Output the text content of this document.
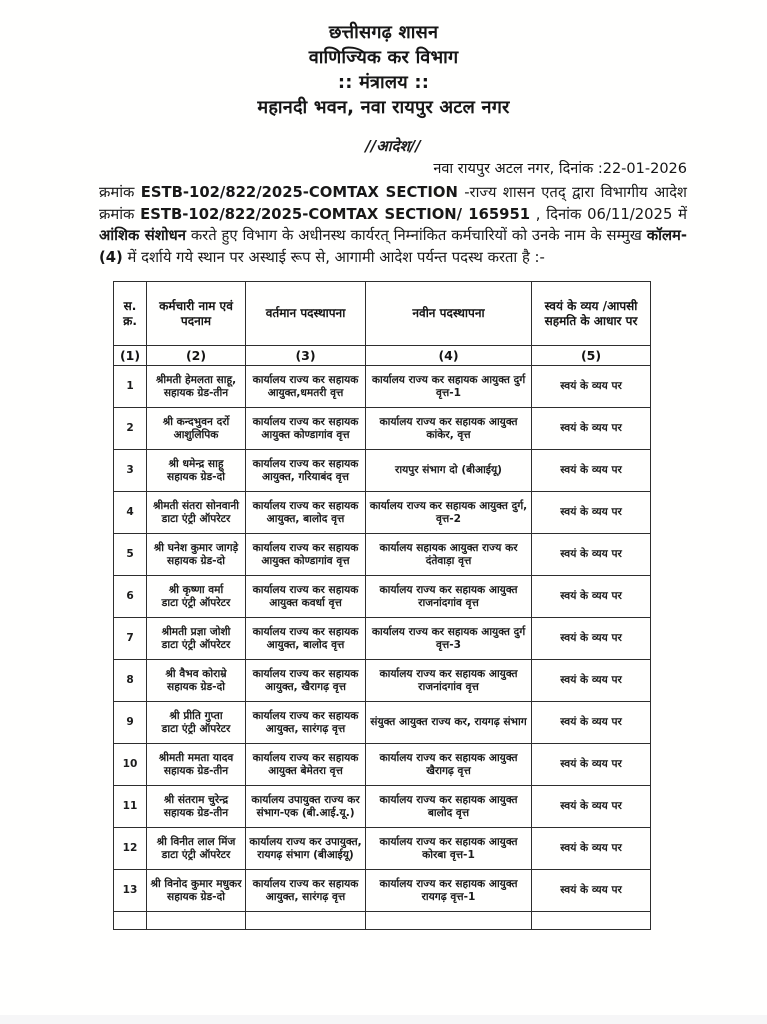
छत्तीसगढ़ शासन
वाणिज्यिक कर विभाग
:: मंत्रालय ::
महानदी भवन, नवा रायपुर अटल नगर
//आदेश//
नवा रायपुर अटल नगर, दिनांक :22-01-2026

क्रमांक ESTB-102/822/2025-COMTAX SECTION -राज्य शासन एतद् द्वारा विभागीय आदेश क्रमांक ESTB-102/822/2025-COMTAX SECTION/ 165951 , दिनांक 06/11/2025 में आंशिक संशोधन करते हुए विभाग के अधीनस्थ कार्यरत् निम्नांकित कर्मचारियों को उनके नाम के सम्मुख कॉलम-(4) में दर्शाये गये स्थान पर अस्थाई रूप से, आगामी आदेश पर्यन्त पदस्थ करता है :-

स. क्र.	कर्मचारी नाम एवं पदनाम	वर्तमान पदस्थापना	नवीन पदस्थापना	स्वयं के व्यय /आपसी सहमति के आधार पर
(1)	(2)	(3)	(4)	(5)
1	श्रीमती हेमलता साहू,
सहायक ग्रेड-तीन	कार्यालय राज्य कर सहायक आयुक्त,धमतरी वृत्त	कार्यालय राज्य कर सहायक आयुक्त दुर्ग वृत्त-1	स्वयं के व्यय पर
2	श्री कन्दभुवन दर्रो
आशुलिपिक	कार्यालय राज्य कर सहायक आयुक्त कोण्डागांव वृत्त	कार्यालय राज्य कर सहायक आयुक्त कांकेर, वृत्त	स्वयं के व्यय पर
3	श्री धमेन्द्र साहू
सहायक ग्रेड-दो	कार्यालय राज्य कर सहायक आयुक्त, गरियाबंद वृत्त	रायपुर संभाग दो (बीआईयू)	स्वयं के व्यय पर
4	श्रीमती संतरा सोनवानी
डाटा एंट्री ऑपरेटर	कार्यालय राज्य कर सहायक आयुक्त, बालोद वृत्त	कार्यालय राज्य कर सहायक आयुक्त दुर्ग, वृत्त-2	स्वयं के व्यय पर
5	श्री घनेश कुमार जागड़े
सहायक ग्रेड-दो	कार्यालय राज्य कर सहायक आयुक्त कोण्डागांव वृत्त	कार्यालय सहायक आयुक्त राज्य कर दंतेवाड़ा वृत्त	स्वयं के व्यय पर
6	श्री कृष्णा वर्मा
डाटा एंट्री ऑपरेटर	कार्यालय राज्य कर सहायक आयुक्त कवर्धा वृत्त	कार्यालय राज्य कर सहायक आयुक्त राजनांदगांव वृत्त	स्वयं के व्यय पर
7	श्रीमती प्रज्ञा जोशी
डाटा एंट्री ऑपरेटर	कार्यालय राज्य कर सहायक आयुक्त, बालोद वृत्त	कार्यालय राज्य कर सहायक आयुक्त दुर्ग वृत्त-3	स्वयं के व्यय पर
8	श्री वैभव कोराम्रे
सहायक ग्रेड-दो	कार्यालय राज्य कर सहायक आयुक्त, खैरागढ़ वृत्त	कार्यालय राज्य कर सहायक आयुक्त राजनांदगांव वृत्त	स्वयं के व्यय पर
9	श्री प्रीति गुप्ता
डाटा एंट्री ऑपरेटर	कार्यालय राज्य कर सहायक आयुक्त, सारंगढ़ वृत्त	संयुक्त आयुक्त राज्य कर, रायगढ़ संभाग	स्वयं के व्यय पर
10	श्रीमती ममता यादव
सहायक ग्रेड-तीन	कार्यालय राज्य कर सहायक आयुक्त बेमेतरा वृत्त	कार्यालय राज्य कर सहायक आयुक्त खैरागढ़ वृत्त	स्वयं के व्यय पर
11	श्री संतराम चुरेन्द्र
सहायक ग्रेड-तीन	कार्यालय उपायुक्त राज्य कर संभाग-एक (बी.आई.यू.)	कार्यालय राज्य कर सहायक आयुक्त बालोद वृत्त	स्वयं के व्यय पर
12	श्री विनीत लाल मिंज
डाटा एंट्री ऑपरेटर	कार्यालय राज्य कर उपायुक्त, रायगढ़ संभाग (बीआईयू)	कार्यालय राज्य कर सहायक आयुक्त कोरबा वृत्त-1	स्वयं के व्यय पर
13	श्री विनोद कुमार मधुकर
सहायक ग्रेड-दो	कार्यालय राज्य कर सहायक आयुक्त, सारंगढ़ वृत्त	कार्यालय राज्य कर सहायक आयुक्त रायगढ़ वृत्त-1	स्वयं के व्यय पर
